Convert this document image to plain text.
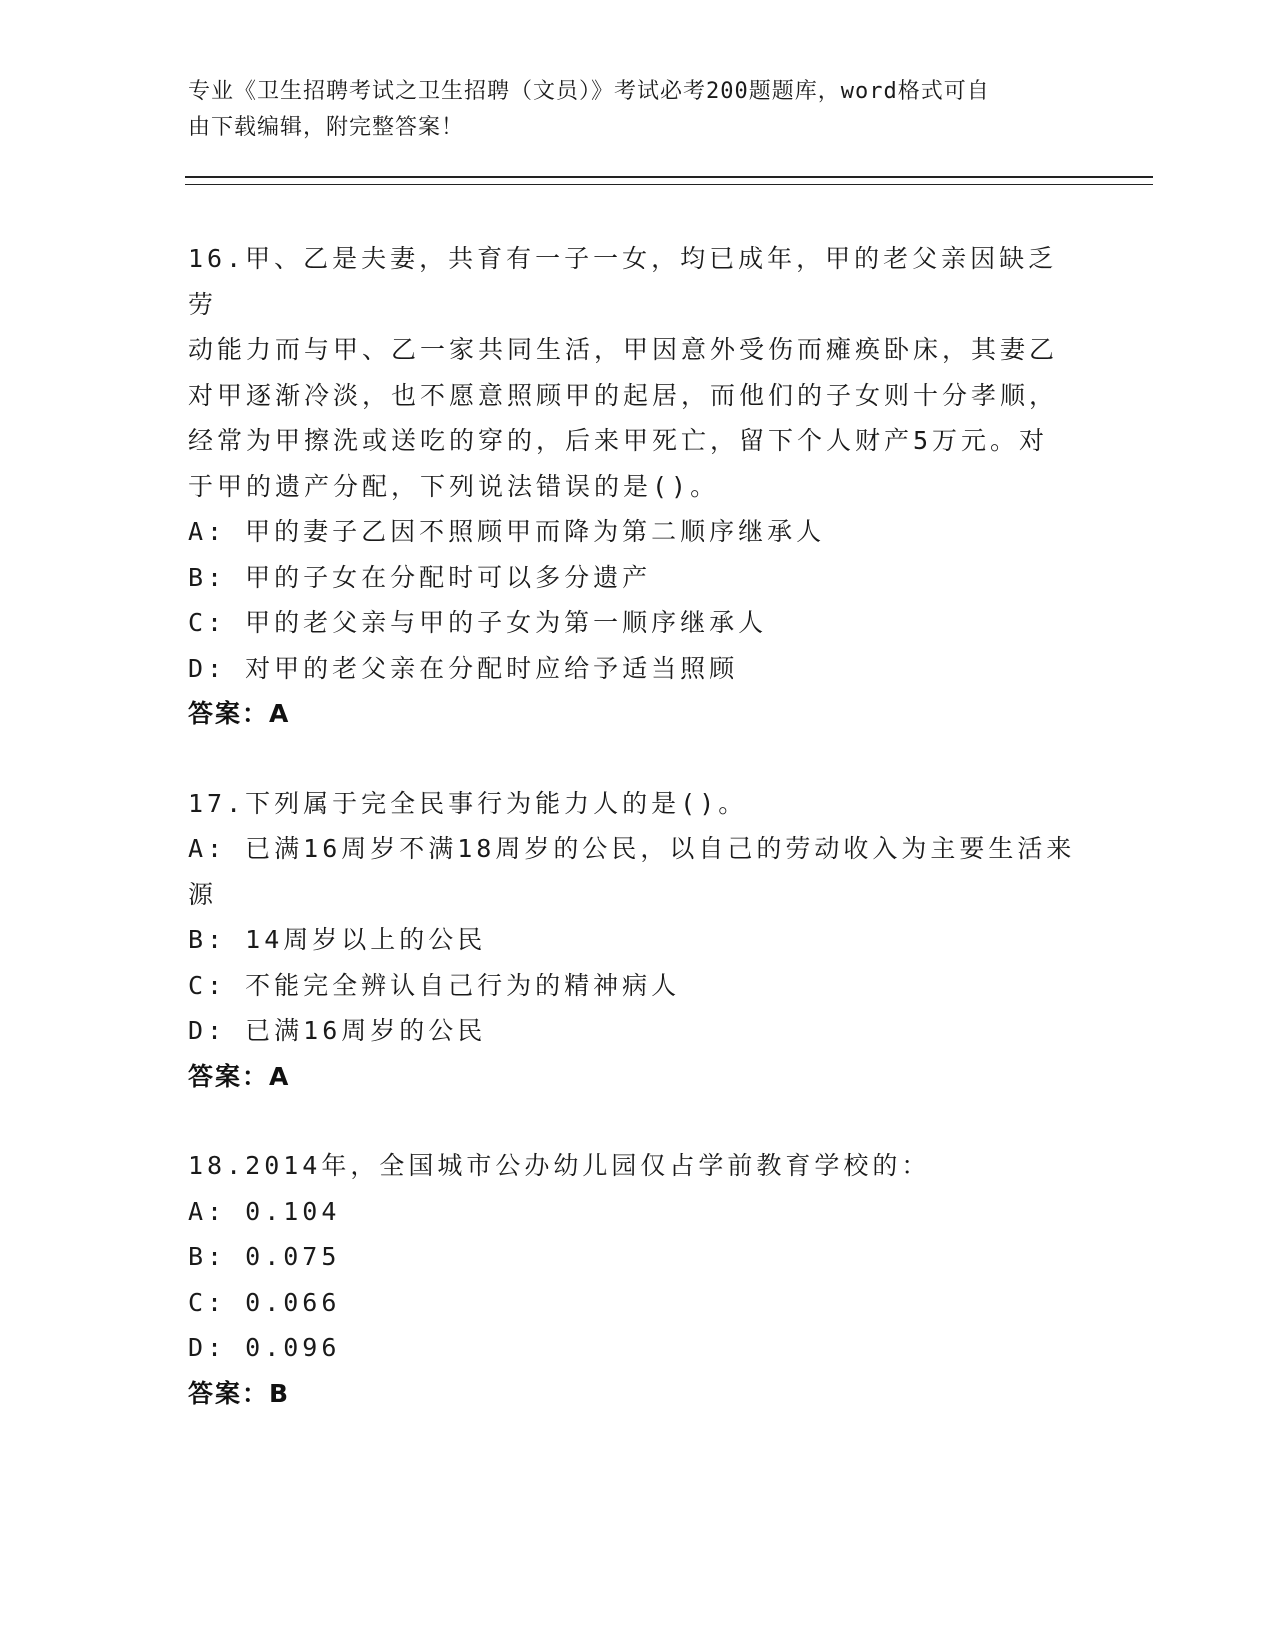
专业《卫生招聘考试之卫生招聘（文员）》考试必考200题题库，word格式可自
由下载编辑，附完整答案！

16.甲、乙是夫妻，共育有一子一女，均已成年，甲的老父亲因缺乏劳

动能力而与甲、乙一家共同生活，甲因意外受伤而瘫痪卧床，其妻乙

对甲逐渐冷淡，也不愿意照顾甲的起居，而他们的子女则十分孝顺，

经常为甲擦洗或送吃的穿的，后来甲死亡，留下个人财产5万元。对

于甲的遗产分配，下列说法错误的是()。

A: 甲的妻子乙因不照顾甲而降为第二顺序继承人

B: 甲的子女在分配时可以多分遗产

C: 甲的老父亲与甲的子女为第一顺序继承人

D: 对甲的老父亲在分配时应给予适当照顾

答案：A

17.下列属于完全民事行为能力人的是()。

A: 已满16周岁不满18周岁的公民，以自己的劳动收入为主要生活来

源

B: 14周岁以上的公民

C: 不能完全辨认自己行为的精神病人

D: 已满16周岁的公民

答案：A

18.2014年，全国城市公办幼儿园仅占学前教育学校的：

A: 0.104

B: 0.075

C: 0.066

D: 0.096

答案：B
